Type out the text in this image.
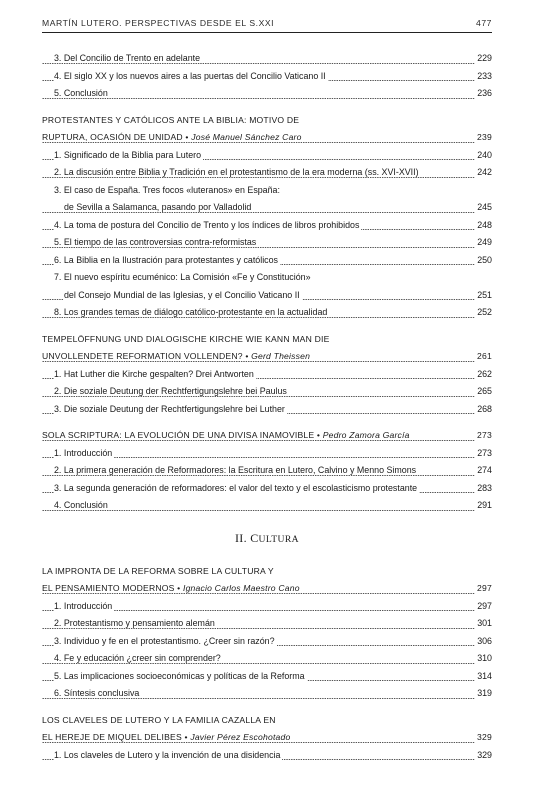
MARTÍN LUTERO. PERSPECTIVAS DESDE EL S.XXI	477
3. Del Concilio de Trento en adelante	229
4. El siglo XX y los nuevos aires a las puertas del Concilio Vaticano II	233
5. Conclusión	236
PROTESTANTES Y CATÓLICOS ANTE LA BIBLIA: MOTIVO DE
RUPTURA, OCASIÓN DE UNIDAD • José Manuel Sánchez Caro	239
1. Significado de la Biblia para Lutero	240
2. La discusión entre Biblia y Tradición en el protestantismo de la era moderna (ss. XVI-XVII)	242
3. El caso de España. Tres focos «luteranos» en España:
de Sevilla a Salamanca, pasando por Valladolid	245
4. La toma de postura del Concilio de Trento y los índices de libros prohibidos	248
5. El tiempo de las controversias contra-reformistas	249
6. La Biblia en la Ilustración para protestantes y católicos	250
7. El nuevo espíritu ecuménico: La Comisión «Fe y Constitución»
del Consejo Mundial de las Iglesias, y el Concilio Vaticano II	251
8. Los grandes temas de diálogo católico-protestante en la actualidad	252
TEMPELÖFFNUNG UND DIALOGISCHE KIRCHE WIE KANN MAN DIE
UNVOLLENDETE REFORMATION VOLLENDEN? • Gerd Theissen	261
1. Hat Luther die Kirche gespalten? Drei Antworten	262
2. Die soziale Deutung der Rechtfertigungslehre bei Paulus	265
3. Die soziale Deutung der Rechtfertigungslehre bei Luther	268
SOLA SCRIPTURA: LA EVOLUCIÓN DE UNA DIVISA INAMOVIBLE • Pedro Zamora García	273
1. Introducción	273
2. La primera generación de Reformadores: la Escritura en Lutero, Calvino y Menno Simons	274
3. La segunda generación de reformadores: el valor del texto y el escolasticismo protestante	283
4. Conclusión	291
II. CULTURA
LA IMPRONTA DE LA REFORMA SOBRE LA CULTURA Y
EL PENSAMIENTO MODERNOS • Ignacio Carlos Maestro Cano	297
1. Introducción	297
2. Protestantismo y pensamiento alemán	301
3. Individuo y fe en el protestantismo. ¿Creer sin razón?	306
4. Fe y educación ¿creer sin comprender?	310
5. Las implicaciones socioeconómicas y políticas de la Reforma	314
6. Síntesis conclusiva	319
LOS CLAVELES DE LUTERO Y LA FAMILIA CAZALLA EN
EL HEREJE DE MIQUEL DELIBES • Javier Pérez Escohotado	329
1. Los claveles de Lutero y la invención de una disidencia	329
